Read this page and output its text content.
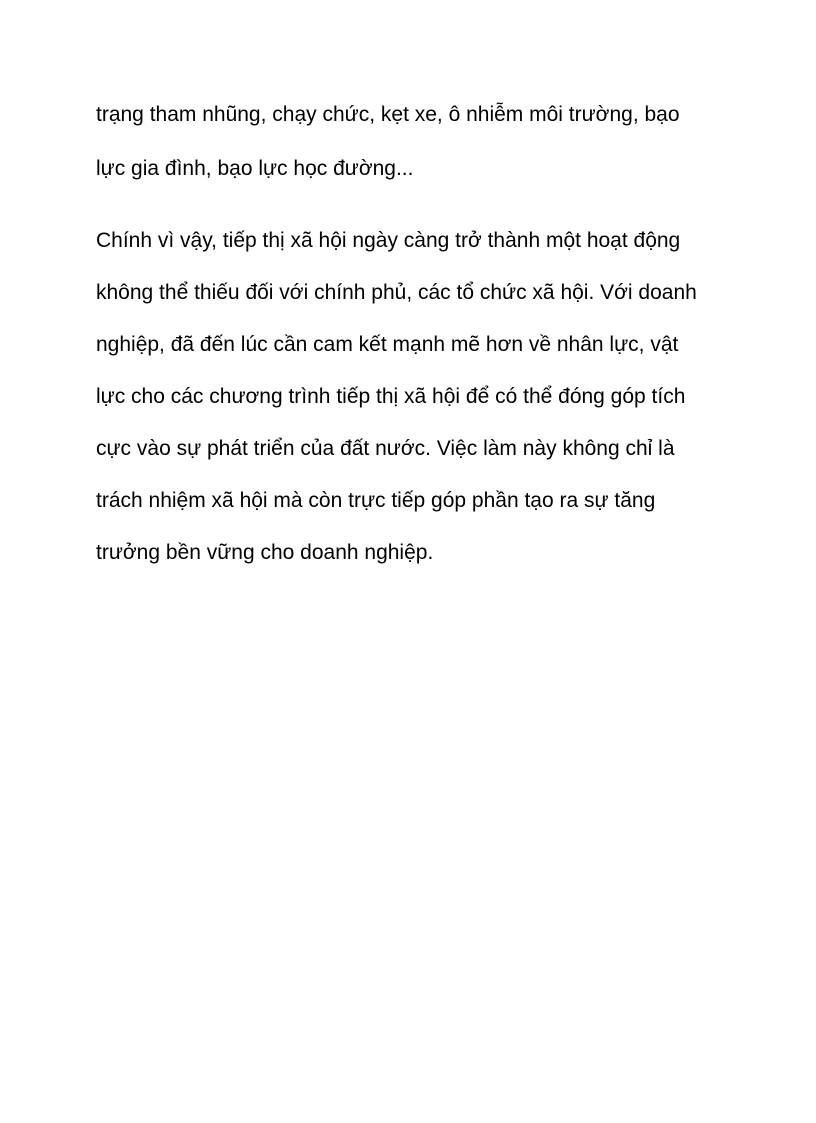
trạng tham nhũng, chạy chức, kẹt xe, ô nhiễm môi trường, bạo

lực gia đình, bạo lực học đường...

Chính vì vậy, tiếp thị xã hội ngày càng trở thành một hoạt động

không thể thiếu đối với chính phủ, các tổ chức xã hội. Với doanh

nghiệp, đã đến lúc cần cam kết mạnh mẽ hơn về nhân lực, vật

lực cho các chương trình tiếp thị xã hội để có thể đóng góp tích

cực vào sự phát triển của đất nước. Việc làm này không chỉ là

trách nhiệm xã hội mà còn trực tiếp góp phần tạo ra sự tăng

trưởng bền vững cho doanh nghiệp.
